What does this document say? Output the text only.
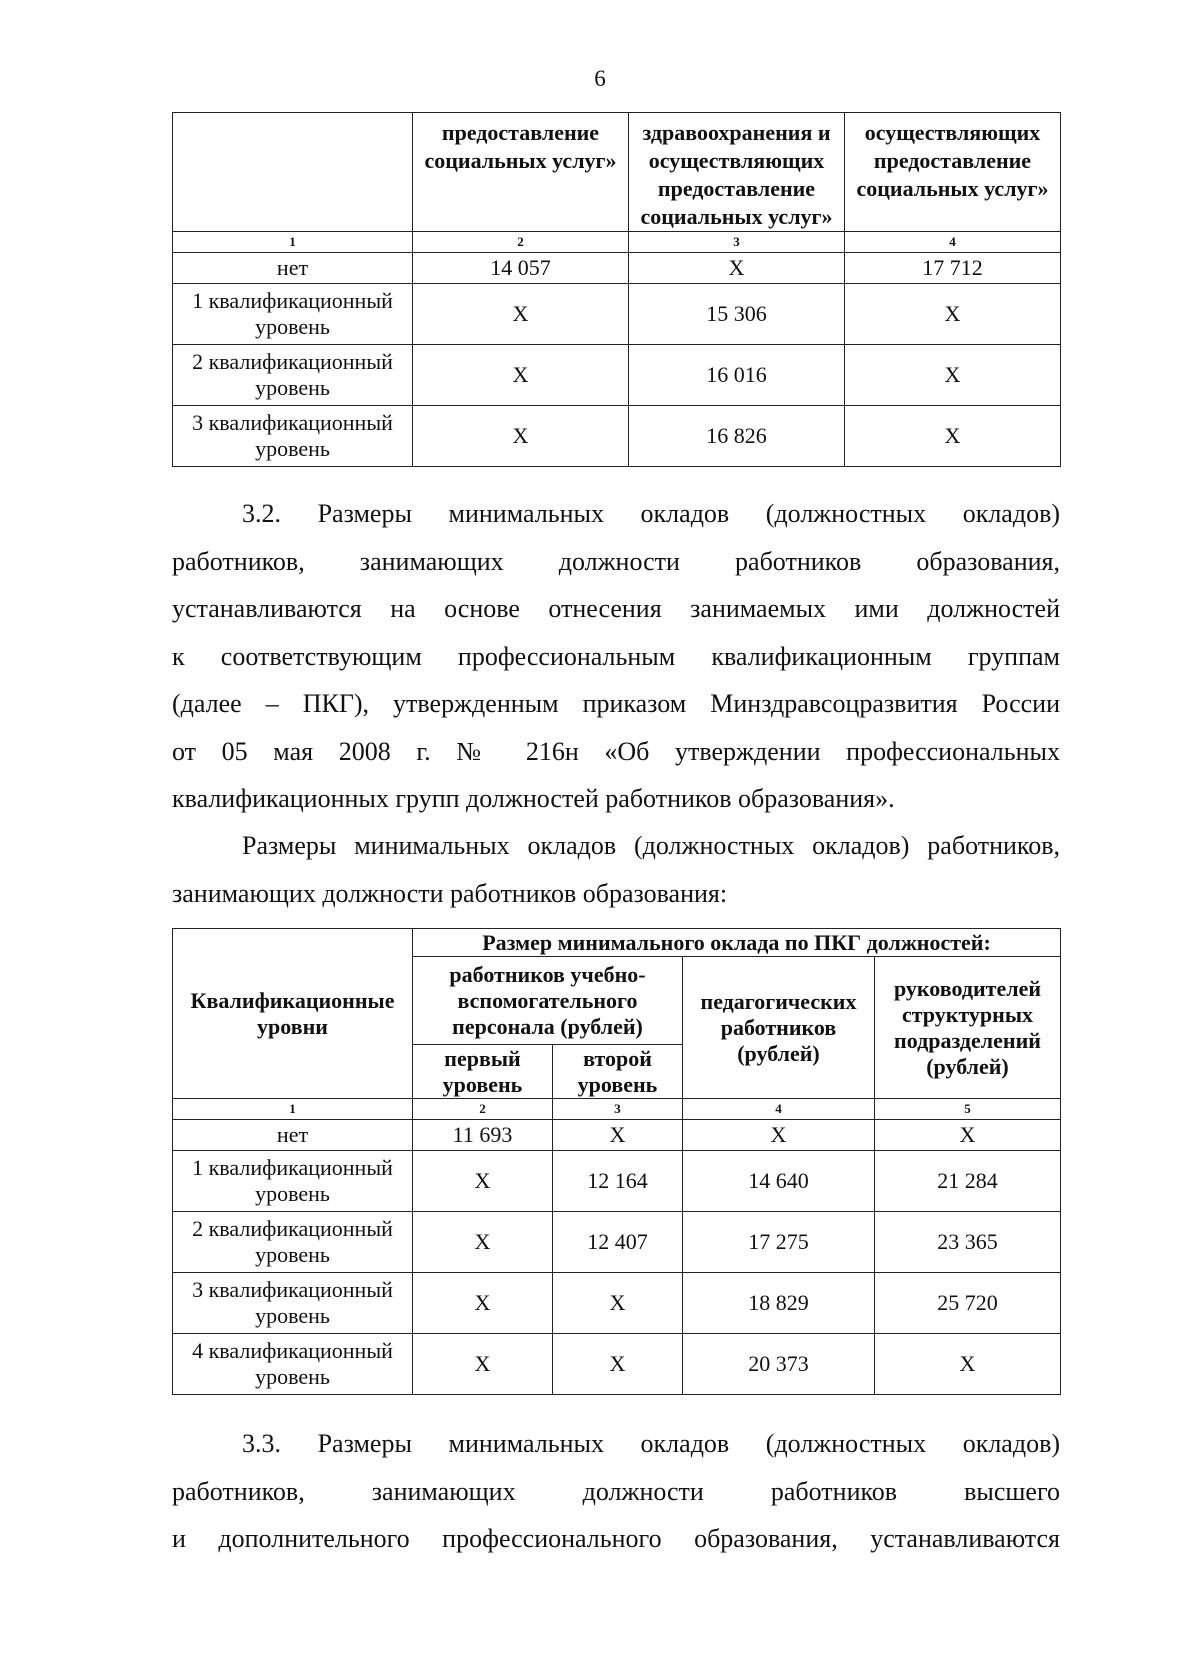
6
	предоставление социальных услуг»	здравоохранения и осуществляющих предоставление социальных услуг»	осуществляющих предоставление социальных услуг»
1	2	3	4
нет	14 057	X	17 712
1 квалификационный уровень	X	15 306	X
2 квалификационный уровень	X	16 016	X
3 квалификационный уровень	X	16 826	X
3.2. Размеры минимальных окладов (должностных окладов)
работников, занимающих должности работников образования,
устанавливаются на основе отнесения занимаемых ими должностей
к соответствующим профессиональным квалификационным группам
(далее – ПКГ), утвержденным приказом Минздравсоцразвития России
от 05 мая 2008 г. № 216н «Об утверждении профессиональных
квалификационных групп должностей работников образования».
Размеры минимальных окладов (должностных окладов) работников,
занимающих должности работников образования:
Квалификационные уровни	Размер минимального оклада по ПКГ должностей:			
	работников учебно-вспомогательного персонала (рублей)		педагогических работников (рублей)	руководителей структурных подразделений (рублей)
	первый уровень	второй уровень		
1	2	3	4	5
нет	11 693	X	X	X
1 квалификационный уровень	X	12 164	14 640	21 284
2 квалификационный уровень	X	12 407	17 275	23 365
3 квалификационный уровень	X	X	18 829	25 720
4 квалификационный уровень	X	X	20 373	X
3.3. Размеры минимальных окладов (должностных окладов)
работников, занимающих должности работников высшего
и дополнительного профессионального образования, устанавливаются
